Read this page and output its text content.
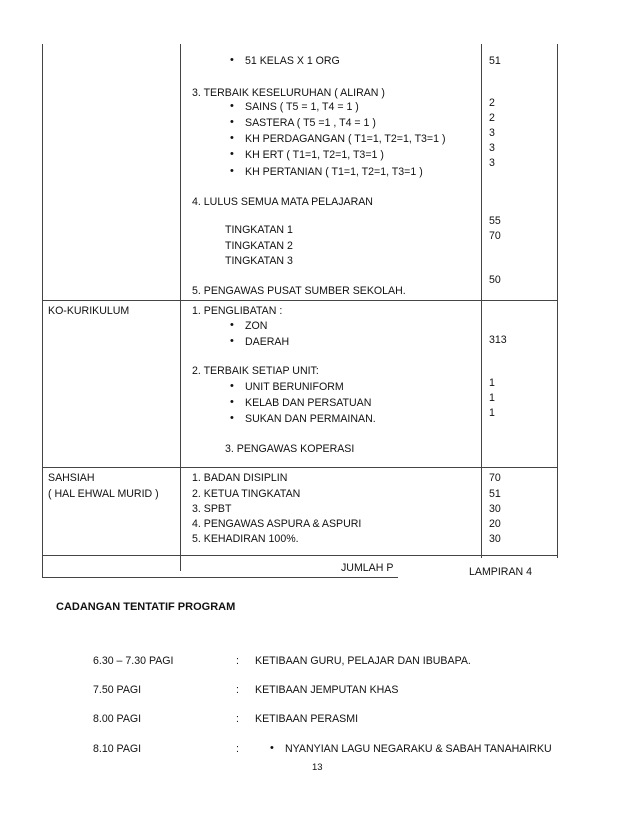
• 51 KELAS X 1 ORG
3. TERBAIK KESELURUHAN ( ALIRAN )
• SAINS ( T5 = 1, T4 = 1 )
• SASTERA ( T5 =1 , T4 = 1 )
• KH PERDAGANGAN ( T1=1, T2=1, T3=1 )
• KH ERT ( T1=1, T2=1, T3=1 )
• KH PERTANIAN ( T1=1, T2=1, T3=1 )
4. LULUS SEMUA MATA PELAJARAN
TINGKATAN 1
TINGKATAN 2
TINGKATAN 3
5. PENGAWAS PUSAT SUMBER SEKOLAH.
51
2
2
3
3
3
55
70
50
KO-KURIKULUM	1. PENGLIBATAN :
• ZON
• DAERAH
2. TERBAIK SETIAP UNIT:
• UNIT BERUNIFORM
• KELAB DAN PERSATUAN
• SUKAN DAN PERMAINAN.
3. PENGAWAS KOPERASI
313
1
1
1
SAHSIAH
( HAL EHWAL MURID )
1. BADAN DISIPLIN
2. KETUA TINGKATAN
3. SPBT
4. PENGAWAS ASPURA & ASPURI
5. KEHADIRAN 100%.
70
51
30
20
30
JUMLAH P	LAMPIRAN 4
CADANGAN TENTATIF PROGRAM
6.30 – 7.30 PAGI	: KETIBAAN GURU, PELAJAR DAN IBUBAPA.
7.50 PAGI	: KETIBAAN JEMPUTAN KHAS
8.00 PAGI	: KETIBAAN PERASMI
8.10 PAGI	:
•	NYANYIAN LAGU NEGARAKU & SABAH TANAHAIRKU
13
